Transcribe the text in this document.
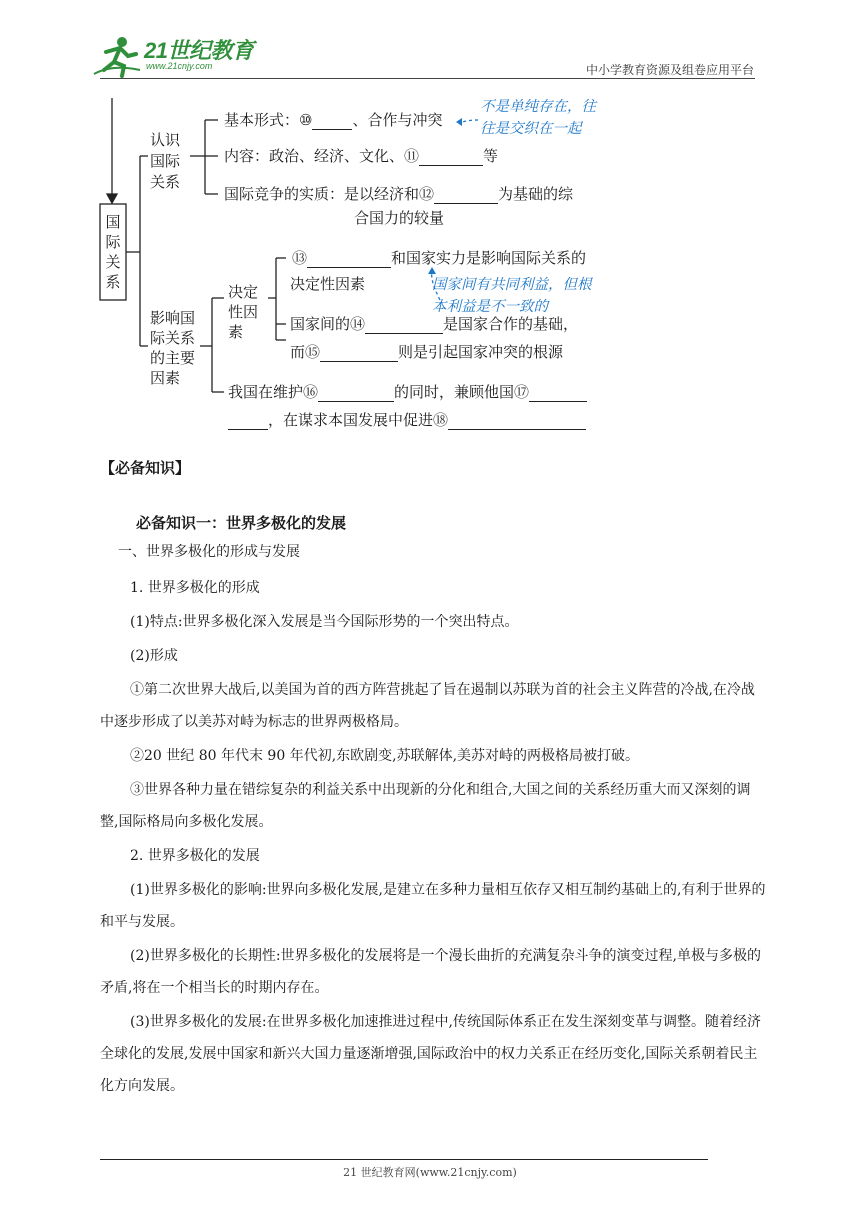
21世纪教育
www.21cnjy.com	中小学教育资源及组卷应用平台
国际关系
认识
国际
关系
基本形式：⑩	、合作与冲突
内容：政治、经济、文化、⑪	等
国际竞争的实质：是以经济和⑫	为基础的综
合国力的较量
不是单纯存在，往
往是交织在一起
影响国
际关系
的主要
因素
决定
性因
素
⑬	和国家实力是影响国际关系的
决定性因素
国家间的⑭	是国家合作的基础，
而⑮	则是引起国家冲突的根源
国家间有共同利益，但根
本利益是不一致的
我国在维护⑯	的同时，兼顾他国⑰
，在谋求本国发展中促进⑱
【必备知识】
必备知识一：世界多极化的发展
一、世界多极化的形成与发展
1. 世界多极化的形成
(1)特点:世界多极化深入发展是当今国际形势的一个突出特点。
(2)形成
①第二次世界大战后,以美国为首的西方阵营挑起了旨在遏制以苏联为首的社会主义阵营的冷战,在冷战中逐步形成了以美苏对峙为标志的世界两极格局。
②20 世纪 80 年代末 90 年代初,东欧剧变,苏联解体,美苏对峙的两极格局被打破。
③世界各种力量在错综复杂的利益关系中出现新的分化和组合,大国之间的关系经历重大而又深刻的调整,国际格局向多极化发展。
2. 世界多极化的发展
(1)世界多极化的影响:世界向多极化发展,是建立在多种力量相互依存又相互制约基础上的,有利于世界的和平与发展。
(2)世界多极化的长期性:世界多极化的发展将是一个漫长曲折的充满复杂斗争的演变过程,单极与多极的矛盾,将在一个相当长的时期内存在。
(3)世界多极化的发展:在世界多极化加速推进过程中,传统国际体系正在发生深刻变革与调整。随着经济全球化的发展,发展中国家和新兴大国力量逐渐增强,国际政治中的权力关系正在经历变化,国际关系朝着民主化方向发展。
21 世纪教育网(www.21cnjy.com)
